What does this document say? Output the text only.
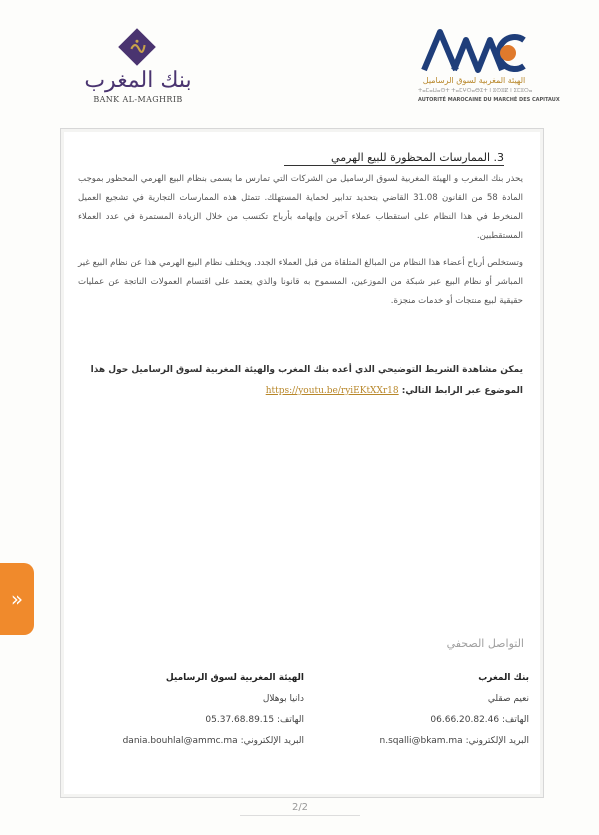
بنك المغرب
BANK AL-MAGHRIB
الهيئة المغربية لسوق الرساميل
ⵜⴰⵎⴰⵡⴰⵙⵜ ⵜⴰⵎⵖⵔⴰⴱⵉⵜ ⵏ ⵓⵙⵓⵇ ⵏ ⵉⵎⵓⵔⴰ
AUTORITÉ MAROCAINE DU MARCHÉ DES CAPITAUX
3. الممارسات المحظورة للبيع الهرمي
يحذر بنك المغرب و الهيئة المغربية لسوق الرساميل من الشركات التي تمارس ما يسمى بنظام البيع الهرمي المحظور بموجب المادة 58 من القانون 31.08 القاضي بتحديد تدابير لحماية المستهلك. تتمثل هذه الممارسات التجارية في تشجيع العميل المنخرط في هذا النظام على استقطاب عملاء آخرين وإيهامه بأرباح تكتسب من خلال الزيادة المستمرة في عدد العملاء المستقطبين.
وتستخلص أرباح أعضاء هذا النظام من المبالغ المتلقاة من قبل العملاء الجدد. ويختلف نظام البيع الهرمي هذا عن نظام البيع غير المباشر أو نظام البيع عبر شبكة من الموزعين، المسموح به قانونا والذي يعتمد على اقتسام العمولات الناتجة عن عمليات حقيقية لبيع منتجات أو خدمات منجزة.
يمكن مشاهدة الشريط التوضيحي الذي أعده بنك المغرب والهيئة المغربية لسوق الرساميل حول هذا الموضوع عبر الرابط التالي: https://youtu.be/ryiEKtXXr18
»
التواصل الصحفي
بنك المغرب
نعيم صقلي
الهاتف: 06.66.20.82.46
البريد الإلكتروني: n.sqalli@bkam.ma
الهيئة المغربية لسوق الرساميل
دانيا بوهلال
الهاتف: 05.37.68.89.15
البريد الإلكتروني: dania.bouhlal@ammc.ma
2/2
